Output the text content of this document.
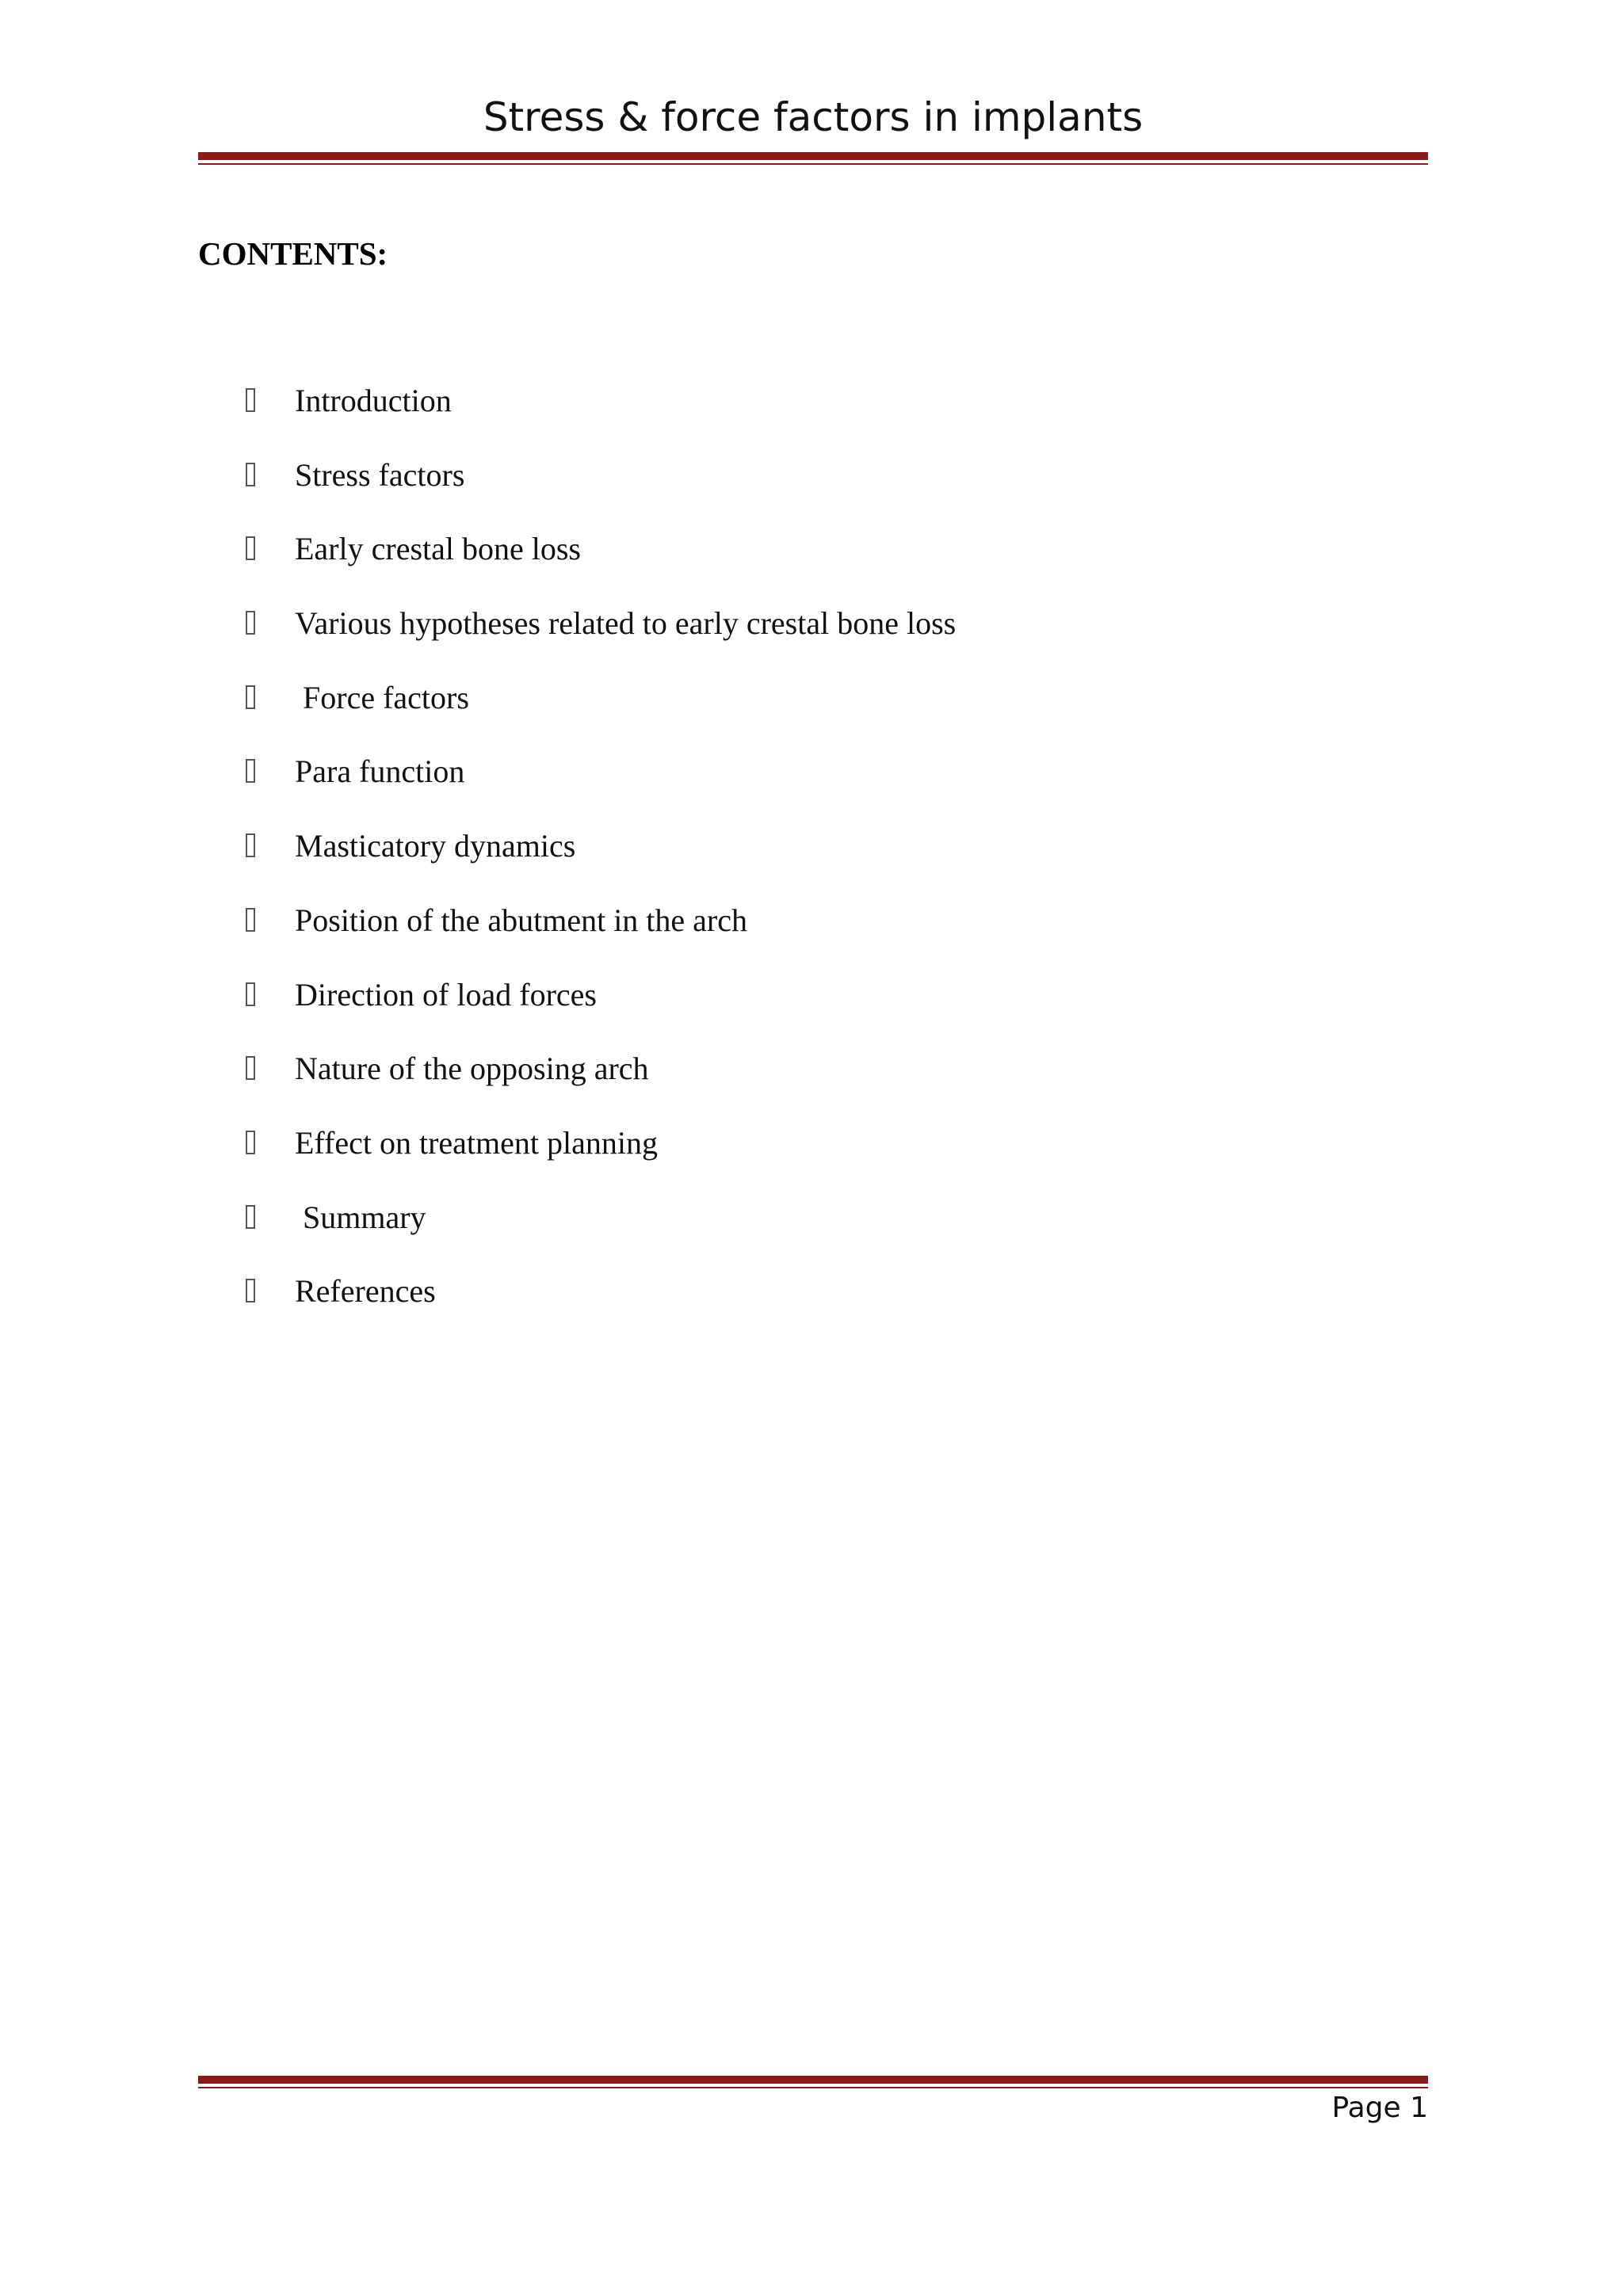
Stress & force factors in implants
CONTENTS:
Introduction
Stress factors
Early crestal bone loss
Various hypotheses related to early crestal bone loss
Force factors
Para function
Masticatory dynamics
Position of the abutment in the arch
Direction of load forces
Nature of the opposing arch
Effect on treatment planning
Summary
References
Page 1
